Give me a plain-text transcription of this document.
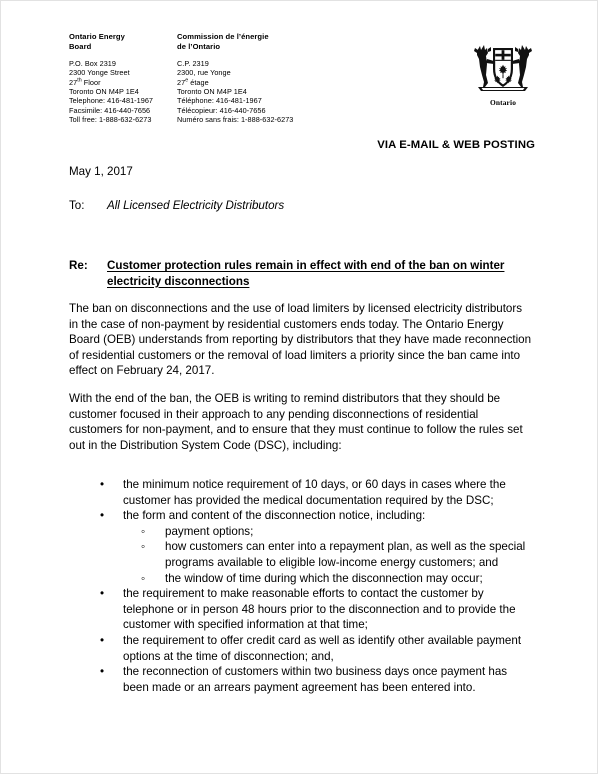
Ontario Energy
Board
P.O. Box 2319
2300 Yonge Street
27th Floor
Toronto ON M4P 1E4
Telephone: 416-481-1967
Facsimile: 416-440-7656
Toll free: 1-888-632-6273
Commission de l’énergie
de l’Ontario
C.P. 2319
2300, rue Yonge
27e étage
Toronto ON M4P 1E4
Téléphone: 416-481-1967
Télécopieur: 416-440-7656
Numéro sans frais: 1-888-632-6273
Ontario
VIA E-MAIL & WEB POSTING
May 1, 2017
To:	All Licensed Electricity Distributors
Re:	Customer protection rules remain in effect with end of the ban on winter electricity disconnections
The ban on disconnections and the use of load limiters by licensed electricity distributors in the case of non-payment by residential customers ends today. The Ontario Energy Board (OEB) understands from reporting by distributors that they have made reconnection of residential customers or the removal of load limiters a priority since the ban came into effect on February 24, 2017.
With the end of the ban, the OEB is writing to remind distributors that they should be customer focused in their approach to any pending disconnections of residential customers for non-payment, and to ensure that they must continue to follow the rules set out in the Distribution System Code (DSC), including:
• the minimum notice requirement of 10 days, or 60 days in cases where the customer has provided the medical documentation required by the DSC;
• the form and content of the disconnection notice, including:
◦ payment options;
◦ how customers can enter into a repayment plan, as well as the special programs available to eligible low-income energy customers; and
◦ the window of time during which the disconnection may occur;
• the requirement to make reasonable efforts to contact the customer by telephone or in person 48 hours prior to the disconnection and to provide the customer with specified information at that time;
• the requirement to offer credit card as well as identify other available payment options at the time of disconnection; and,
• the reconnection of customers within two business days once payment has been made or an arrears payment agreement has been entered into.
